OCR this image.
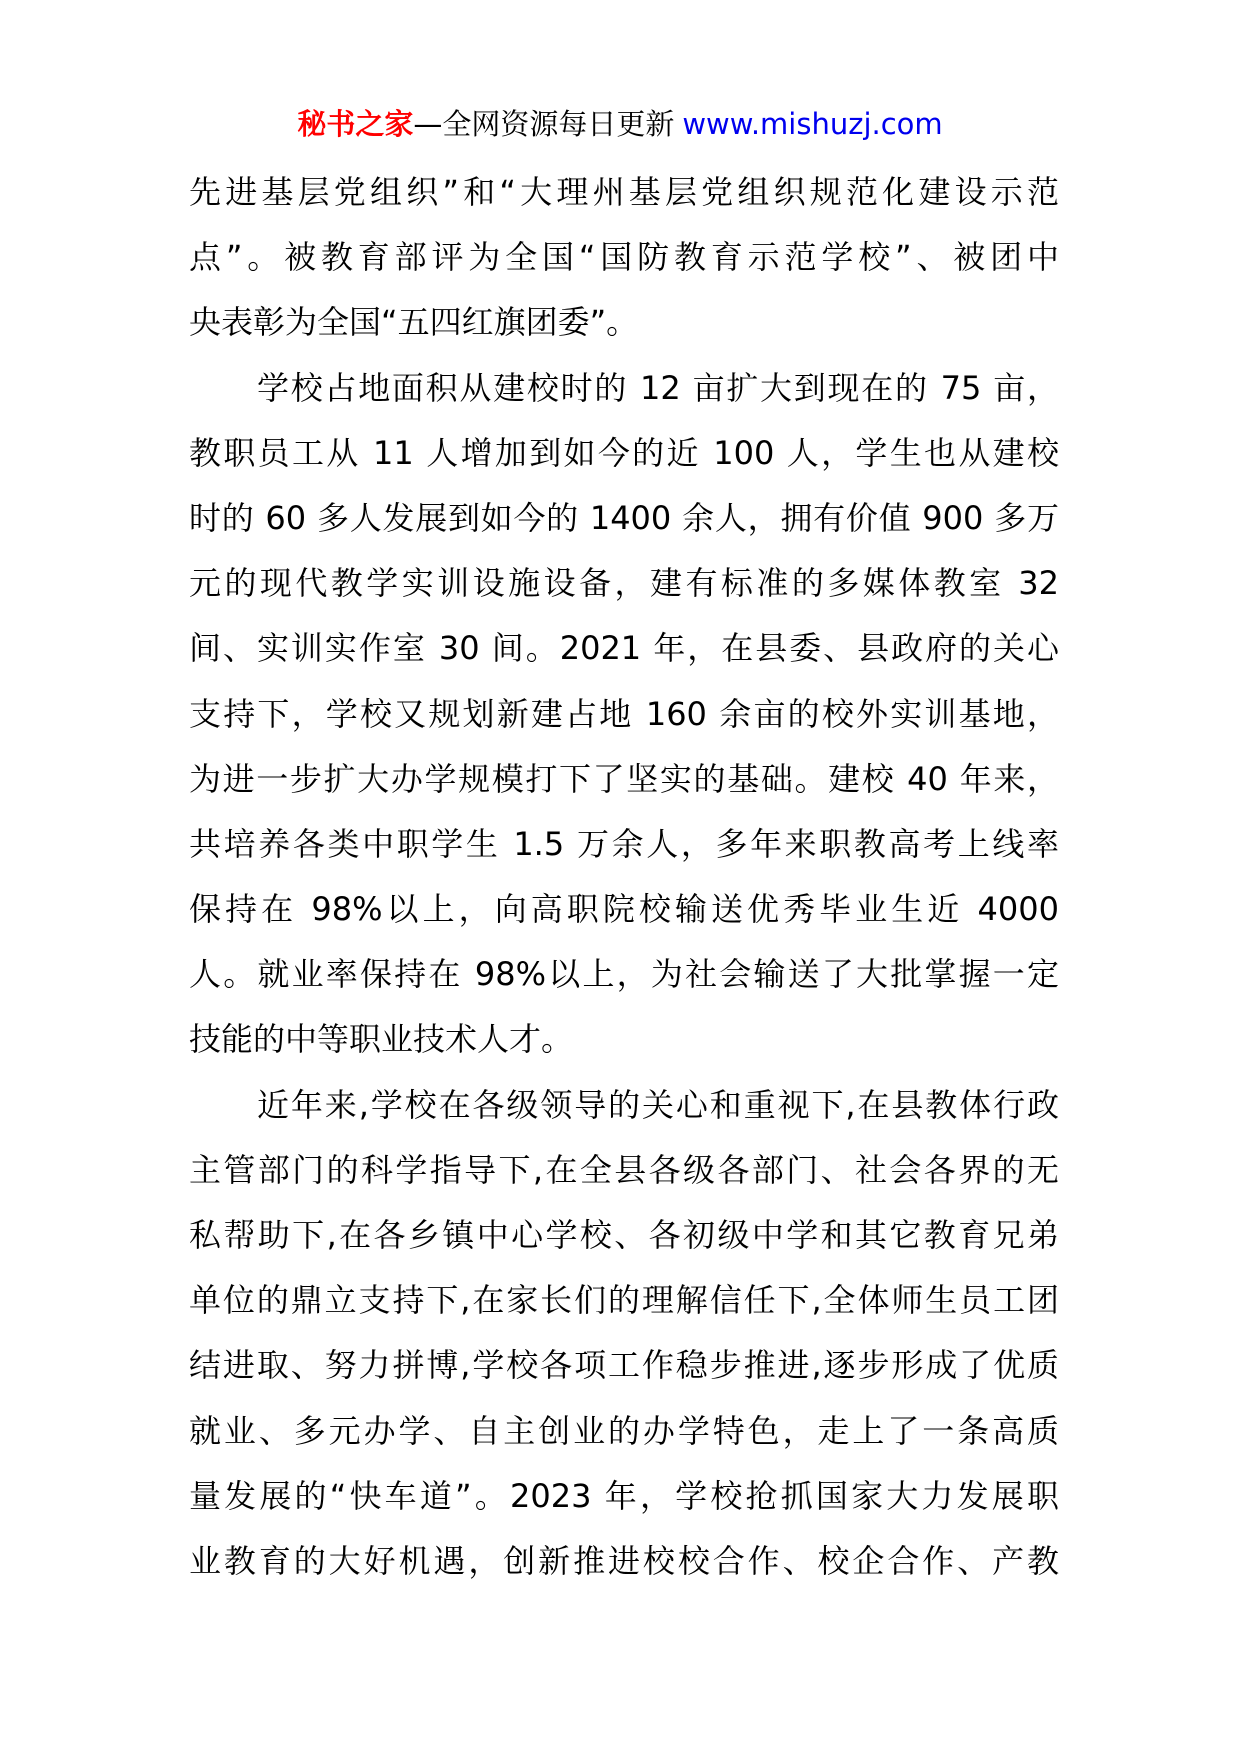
秘书之家—全网资源每日更新 www.mishuzj.com
先进基层党组织”和“大理州基层党组织规范化建设示范
点”。被教育部评为全国“国防教育示范学校”、被团中
央表彰为全国“五四红旗团委”。
学校占地面积从建校时的 12 亩扩大到现在的 75 亩，
教职员工从 11 人增加到如今的近 100 人，学生也从建校
时的 60 多人发展到如今的 1400 余人，拥有价值 900 多万
元的现代教学实训设施设备，建有标准的多媒体教室 32
间、实训实作室 30 间。2021 年，在县委、县政府的关心
支持下，学校又规划新建占地 160 余亩的校外实训基地，
为进一步扩大办学规模打下了坚实的基础。建校 40 年来，
共培养各类中职学生 1.5 万余人，多年来职教高考上线率
保持在 98%以上，向高职院校输送优秀毕业生近 4000
人。就业率保持在 98%以上，为社会输送了大批掌握一定
技能的中等职业技术人才。
近年来,学校在各级领导的关心和重视下,在县教体行政
主管部门的科学指导下,在全县各级各部门、社会各界的无
私帮助下,在各乡镇中心学校、各初级中学和其它教育兄弟
单位的鼎立支持下,在家长们的理解信任下,全体师生员工团
结进取、努力拼博,学校各项工作稳步推进,逐步形成了优质
就业、多元办学、自主创业的办学特色，走上了一条高质
量发展的“快车道”。2023 年，学校抢抓国家大力发展职
业教育的大好机遇，创新推进校校合作、校企合作、产教
